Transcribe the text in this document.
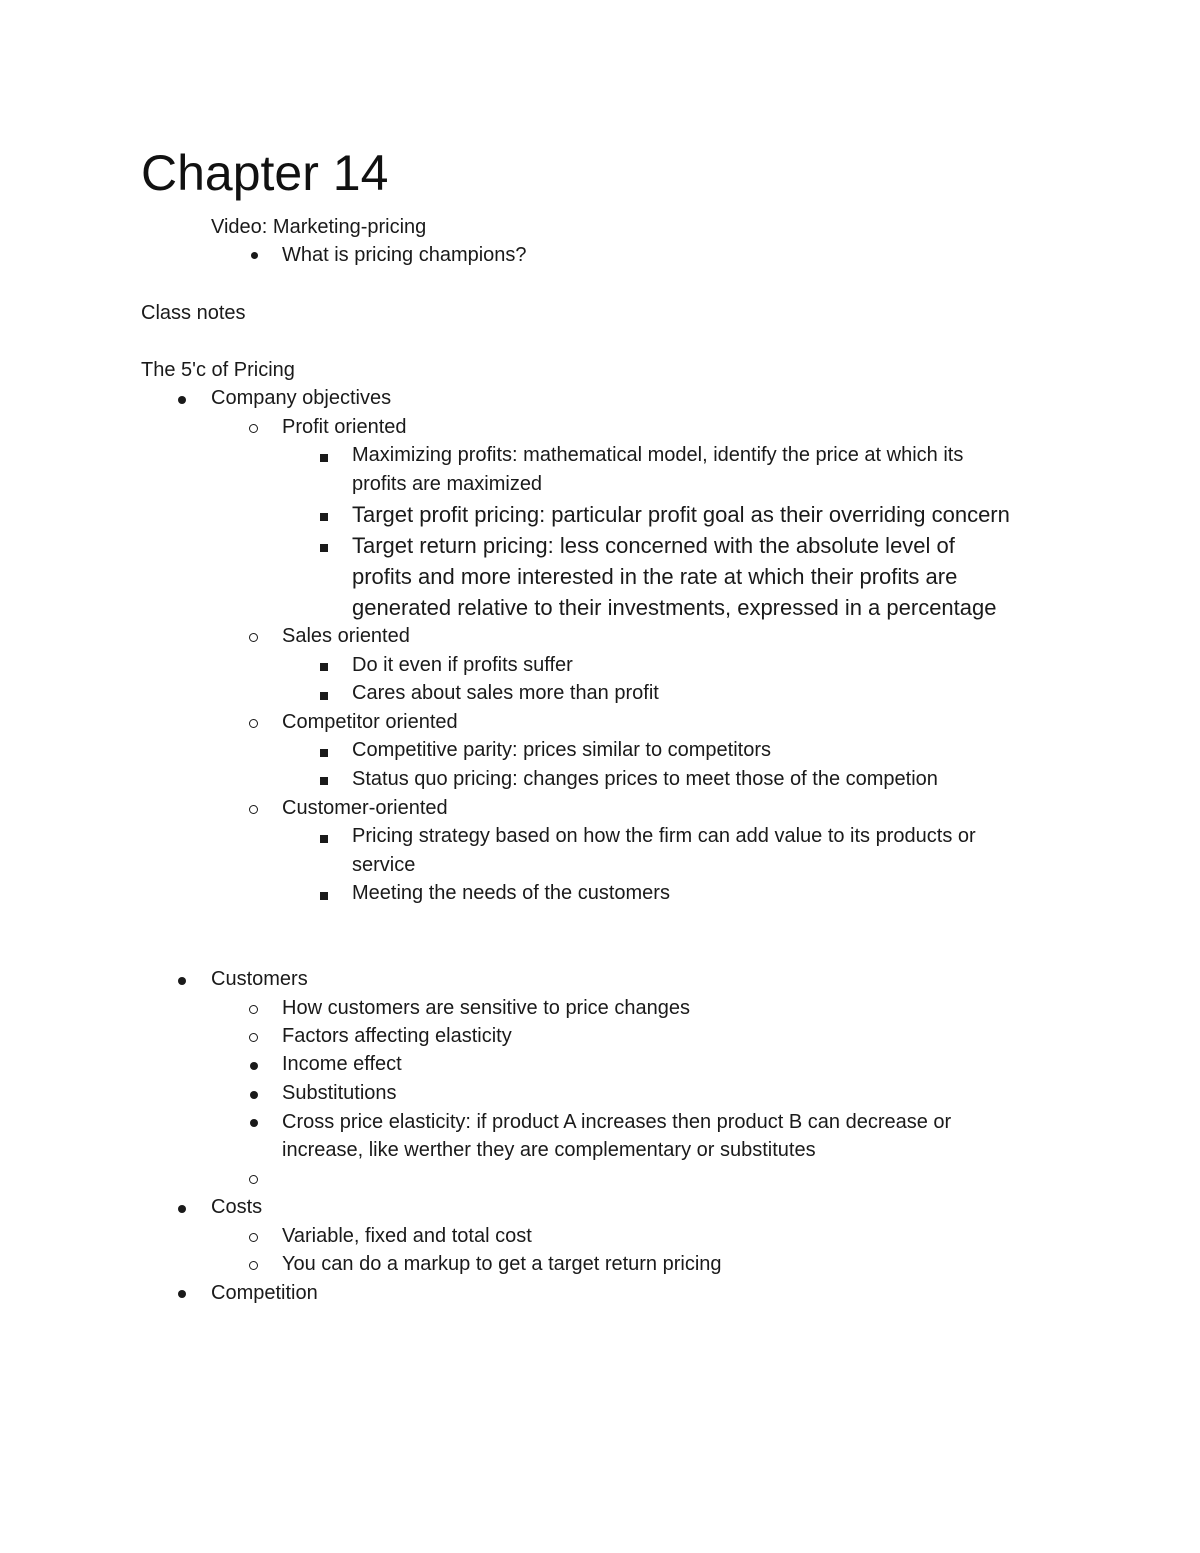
Chapter 14
Video: Marketing-pricing
What is pricing champions?
Class notes
The 5'c of Pricing
Company objectives
Profit oriented
Maximizing profits: mathematical model, identify the price at which its
profits are maximized
Target profit pricing: particular profit goal as their overriding concern
Target return pricing: less concerned with the absolute level of
profits and more interested in the rate at which their profits are
generated relative to their investments, expressed in a percentage
Sales oriented
Do it even if profits suffer
Cares about sales more than profit
Competitor oriented
Competitive parity: prices similar to competitors
Status quo pricing: changes prices to meet those of the competion
Customer-oriented
Pricing strategy based on how the firm can add value to its products or
service
Meeting the needs of the customers
Customers
How customers are sensitive to price changes
Factors affecting elasticity
Income effect
Substitutions
Cross price elasticity: if product A increases then product B can decrease or
increase, like werther they are complementary or substitutes
Costs
Variable, fixed and total cost
You can do a markup to get a target return pricing
Competition
